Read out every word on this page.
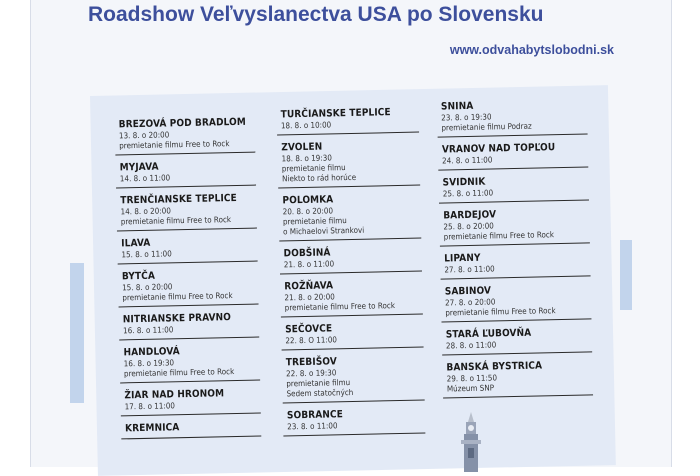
Roadshow Veľvyslanectva USA po Slovensku
www.odvahabytslobodni.sk
BREZOVÁ POD BRADLOM
13. 8. o 20:00
premietanie filmu Free to Rock
MYJAVA
14. 8. o 11:00
TRENČIANSKE TEPLICE
14. 8. o 20:00
premietanie filmu Free to Rock
ILAVA
15. 8. o 11:00
BYTČA
15. 8. o 20:00
premietanie filmu Free to Rock
NITRIANSKE PRAVNO
16. 8. o 11:00
HANDLOVÁ
16. 8. o 19:30
premietanie filmu Free to Rock
ŽIAR NAD HRONOM
17. 8. o 11:00
KREMNICA
TURČIANSKE TEPLICE
18. 8. o 10:00
ZVOLEN
18. 8. o 19:30
premietanie filmu
Niekto to rád horúce
POLOMKA
20. 8. o 20:00
premietanie filmu
o Michaelovi Strankovi
DOBŠINÁ
21. 8. o 11:00
ROŽŇAVA
21. 8. o 20:00
premietanie filmu Free to Rock
SEČOVCE
22. 8. O 11:00
TREBIŠOV
22. 8. o 19:30
premietanie filmu
Sedem statočných
SOBRANCE
23. 8. o 11:00
SNINA
23. 8. o 19:30
premietanie filmu Podraz
VRANOV NAD TOPĽOU
24. 8. o 11:00
SVIDNIK
25. 8. o 11:00
BARDEJOV
25. 8. o 20:00
premietanie filmu Free to Rock
LIPANY
27. 8. o 11:00
SABINOV
27. 8. o 20:00
premietanie filmu Free to Rock
STARÁ ĽUBOVŇA
28. 8. o 11:00
BANSKÁ BYSTRICA
29. 8. o 11:50
Múzeum SNP
